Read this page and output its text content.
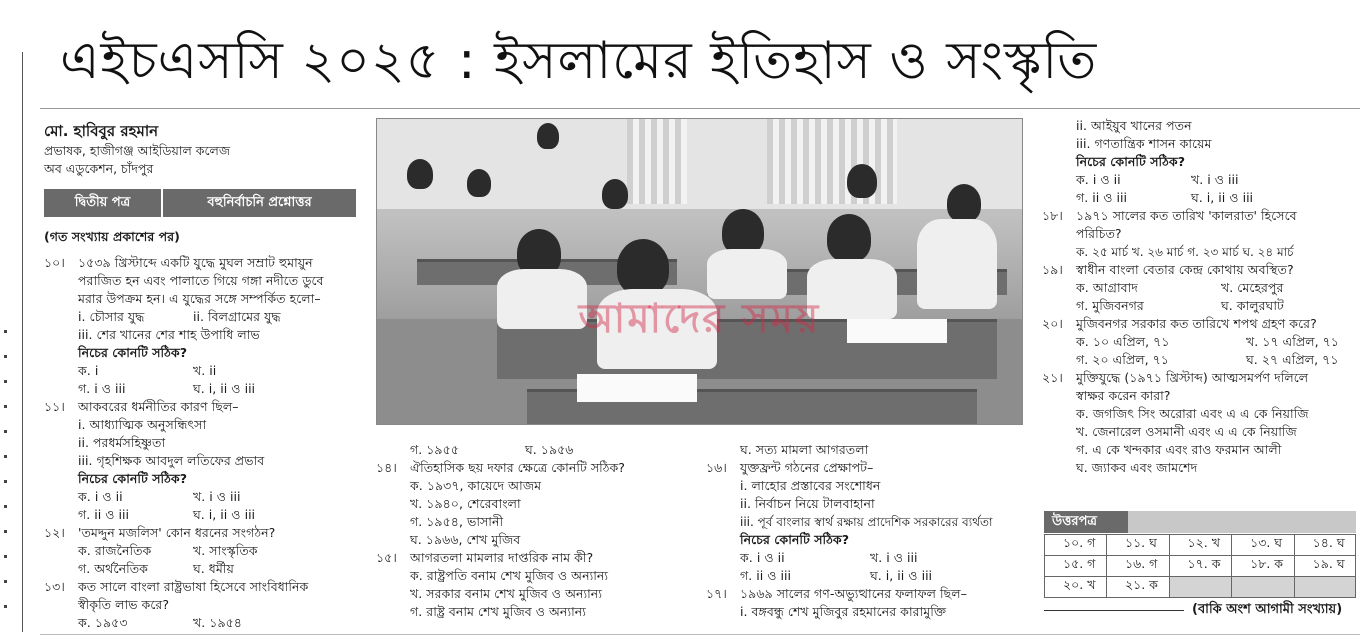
এইচএসসি ২০২৫ : ইসলামের ইতিহাস ও সংস্কৃতি
মো. হাবিবুর রহমান
প্রভাষক, হাজীগঞ্জ আইডিয়াল কলেজ
অব এডুকেশন, চাঁদপুর
দ্বিতীয় পত্র	বহুনির্বাচনি প্রশ্নোত্তর
(গত সংখ্যায় প্রকাশের পর)
১০। ১৫৩৯ খ্রিস্টাব্দে একটি যুদ্ধে মুঘল সম্রাট হুমায়ুন
পরাজিত হন এবং পালাতে গিয়ে গঙ্গা নদীতে ডুবে
মরার উপক্রম হন। এ যুদ্ধের সঙ্গে সম্পর্কিত হলো–
i. চৌসার যুদ্ধ	ii. বিলগ্রামের যুদ্ধ
iii. শের খানের শের শাহ উপাধি লাভ
নিচের কোনটি সঠিক?
ক. i	খ. ii
গ. i ও iii	ঘ. i, ii ও iii
১১। আকবরের ধর্মনীতির কারণ ছিল–
i. আধ্যাত্মিক অনুসন্ধিৎসা
ii. পরধর্মসহিষ্ণুতা
iii. গৃহশিক্ষক আবদুল লতিফের প্রভাব
নিচের কোনটি সঠিক?
ক. i ও ii	খ. i ও iii
গ. ii ও iii	ঘ. i, ii ও iii
১২। 'তমদ্দুন মজলিস' কোন ধরনের সংগঠন?
ক. রাজনৈতিক	খ. সাংস্কৃতিক
গ. অর্থনৈতিক	ঘ. ধর্মীয়
১৩। কত সালে বাংলা রাষ্ট্রভাষা হিসেবে সাংবিধানিক
স্বীকৃতি লাভ করে?
ক. ১৯৫৩	খ. ১৯৫৪
আমাদের সময়
গ. ১৯৫৫	ঘ. ১৯৫৬
১৪। ঐতিহাসিক ছয় দফার ক্ষেত্রে কোনটি সঠিক?
ক. ১৯৩৭, কায়েদে আজম
খ. ১৯৪০, শেরেবাংলা
গ. ১৯৫৪, ভাসানী
ঘ. ১৯৬৬, শেখ মুজিব
১৫। আগরতলা মামলার দাপ্তরিক নাম কী?
ক. রাষ্ট্রপতি বনাম শেখ মুজিব ও অন্যান্য
খ. সরকার বনাম শেখ মুজিব ও অন্যান্য
গ. রাষ্ট্র বনাম শেখ মুজিব ও অন্যান্য
ঘ. সত্য মামলা আগরতলা
১৬। যুক্তফ্রন্ট গঠনের প্রেক্ষাপট–
i. লাহোর প্রস্তাবের সংশোধন
ii. নির্বাচন নিয়ে টালবাহানা
iii. পূর্ব বাংলার স্বার্থ রক্ষায় প্রাদেশিক সরকারের ব্যর্থতা
নিচের কোনটি সঠিক?
ক. i ও ii	খ. i ও iii
গ. ii ও iii	ঘ. i, ii ও iii
১৭। ১৯৬৯ সালের গণ-অভ্যুত্থানের ফলাফল ছিল–
i. বঙ্গবন্ধু শেখ মুজিবুর রহমানের কারামুক্তি
ii. আইয়ুব খানের পতন
iii. গণতান্ত্রিক শাসন কায়েম
নিচের কোনটি সঠিক?
ক. i ও ii	খ. i ও iii
গ. ii ও iii	ঘ. i, ii ও iii
১৮। ১৯৭১ সালের কত তারিখ 'কালরাত' হিসেবে
পরিচিত?
ক. ২৫ মার্চ খ. ২৬ মার্চ গ. ২৩ মার্চ ঘ. ২৪ মার্চ
১৯। স্বাধীন বাংলা বেতার কেন্দ্র কোথায় অবস্থিত?
ক. আগ্রাবাদ	খ. মেহেরপুর
গ. মুজিবনগর	ঘ. কালুরঘাট
২০। মুজিবনগর সরকার কত তারিখে শপথ গ্রহণ করে?
ক. ১০ এপ্রিল, ৭১	খ. ১৭ এপ্রিল, ৭১
গ. ২০ এপ্রিল, ৭১	ঘ. ২৭ এপ্রিল, ৭১
২১। মুক্তিযুদ্ধে (১৯৭১ খ্রিস্টাব্দ) আত্মসমর্পণ দলিলে
স্বাক্ষর করেন কারা?
ক. জগজিৎ সিং অরোরা এবং এ এ কে নিয়াজি
খ. জেনারেল ওসমানী এবং এ এ কে নিয়াজি
গ. এ কে খন্দকার এবং রাও ফরমান আলী
ঘ. জ্যাকব এবং জামশেদ
উত্তরপত্র
১০. গ	১১. ঘ	১২. খ	১৩. ঘ	১৪. ঘ
১৫. গ	১৬. গ	১৭. ক	১৮. ক	১৯. ঘ
২০. খ	২১. ক			
(বাকি অংশ আগামী সংখ্যায়)
